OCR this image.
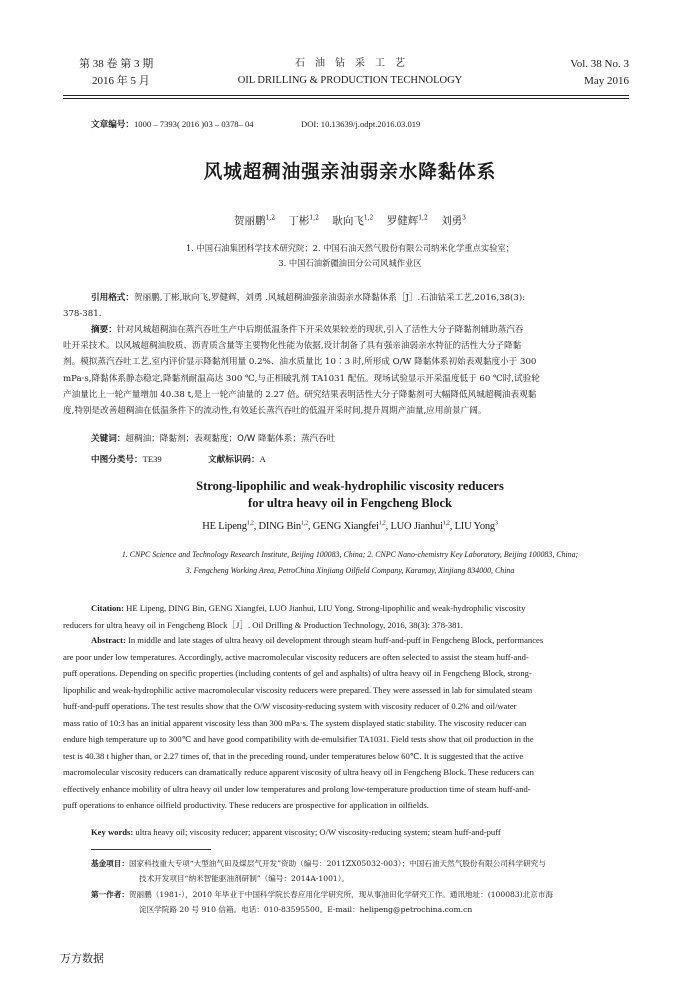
第 38 卷 第 3 期
2016 年 5 月
石　油　钻　采　工　艺
OIL DRILLING & PRODUCTION TECHNOLOGY
Vol. 38 No. 3
May 2016
文章编号：1000 – 7393( 2016 )03 – 0378– 04	DOI: 10.13639/j.odpt.2016.03.019
风城超稠油强亲油弱亲水降黏体系
贺丽鹏$^{1,2}$ 丁彬$^{1,2}$ 耿向飞$^{1,2}$ 罗健辉$^{1,2}$ 刘勇$^3$
1. 中国石油集团科学技术研究院；2. 中国石油天然气股份有限公司纳米化学重点实验室；
3. 中国石油新疆油田分公司风城作业区
引用格式：贺丽鹏,丁彬,耿向飞,罗健辉，刘勇 .风城超稠油强亲油弱亲水降黏体系［J］.石油钻采工艺,2016,38(3):
378-381.
摘要：针对风城超稠油在蒸汽吞吐生产中后期低温条件下开采效果较差的现状,引入了活性大分子降黏剂辅助蒸汽吞
吐开采技术。以风城超稠油胶质、沥青质含量等主要物化性能为依据,设计制备了具有强亲油弱亲水特征的活性大分子降黏
剂。模拟蒸汽吞吐工艺,室内评价显示降黏剂用量 0.2%、油水质量比 10∶3 时,所形成 O/W 降黏体系初始表观黏度小于 300
mPa·s,降黏体系静态稳定,降黏剂耐温高达 300 ℃,与正相破乳剂 TA1031 配伍。现场试验显示开采温度低于 60 ℃时,试验轮
产油量比上一轮产量增加 40.38 t,是上一轮产油量的 2.27 倍。研究结果表明活性大分子降黏剂可大幅降低风城超稠油表观黏
度,特别是改善超稠油在低温条件下的流动性,有效延长蒸汽吞吐的低温开采时间,提升周期产油量,应用前景广阔。
关键词：超稠油；降黏剂；表观黏度；O/W 降黏体系；蒸汽吞吐
中图分类号：TE39	文献标识码：A
Strong-lipophilic and weak-hydrophilic viscosity reducers
for ultra heavy oil in Fengcheng Block
HE Lipeng$^{1,2}$, DING Bin$^{1,2}$, GENG Xiangfei$^{1,2}$, LUO Jianhui$^{1,2}$, LIU Yong$^3$
1. CNPC Science and Technology Research Institute, Beijing 100083, China; 2. CNPC Nano-chemistry Key Laboratory, Beijing 100083, China;
3. Fengcheng Working Area, PetroChina Xinjiang Oilfield Company, Karamay, Xinjiang 834000, China
Citation: HE Lipeng, DING Bin, GENG Xiangfei, LUO Jianhui, LIU Yong. Strong-lipophilic and weak-hydrophilic viscosity
reducers for ultra heavy oil in Fengcheng Block［J］. Oil Drilling & Production Technology, 2016, 38(3): 378-381.
Abstract: In middle and late stages of ultra heavy oil development through steam huff-and-puff in Fengcheng Block, performances
are poor under low temperatures. Accordingly, active macromolecular viscosity reducers are often selected to assist the steam huff-and-
puff operations. Depending on specific properties (including contents of gel and asphalts) of ultra heavy oil in Fengcheng Block, strong-
lipophilic and weak-hydrophilic active macromolecular viscosity reducers were prepared. They were assessed in lab for simulated steam
huff-and-puff operations. The test results show that the O/W viscosity-reducing system with viscosity reducer of 0.2% and oil/water
mass ratio of 10:3 has an initial apparent viscosity less than 300 mPa·s. The system displayed static stability. The viscosity reducer can
endure high temperature up to 300℃ and have good compatibility with de-emulsifier TA1031. Field tests show that oil production in the
test is 40.38 t higher than, or 2.27 times of, that in the preceding round, under temperatures below 60℃. It is suggested that the active
macromolecular viscosity reducers can dramatically reduce apparent viscosity of ultra heavy oil in Fengcheng Block. These reducers can
effectively enhance mobility of ultra heavy oil under low temperatures and prolong low-temperature production time of steam huff-and-
puff operations to enhance oilfield productivity. These reducers are prospective for application in oilfields.
Key words: ultra heavy oil; viscosity reducer; apparent viscosity; O/W viscosity-reducing system; steam huff-and-puff
基金项目：国家科技重大专项“大型油气田及煤层气开发”资助（编号：2011ZX05032-003）；中国石油天然气股份有限公司科学研究与
技术开发项目“纳米智能驱油剂研制”（编号：2014A-1001）。
第一作者：贺丽鹏（1981-），2010 年毕业于中国科学院长春应用化学研究所，现从事油田化学研究工作。通讯地址：(100083)北京市海
淀区学院路 20 号 910 信箱。电话：010-83595500。E-mail：helipeng@petrochina.com.cn
万方数据
